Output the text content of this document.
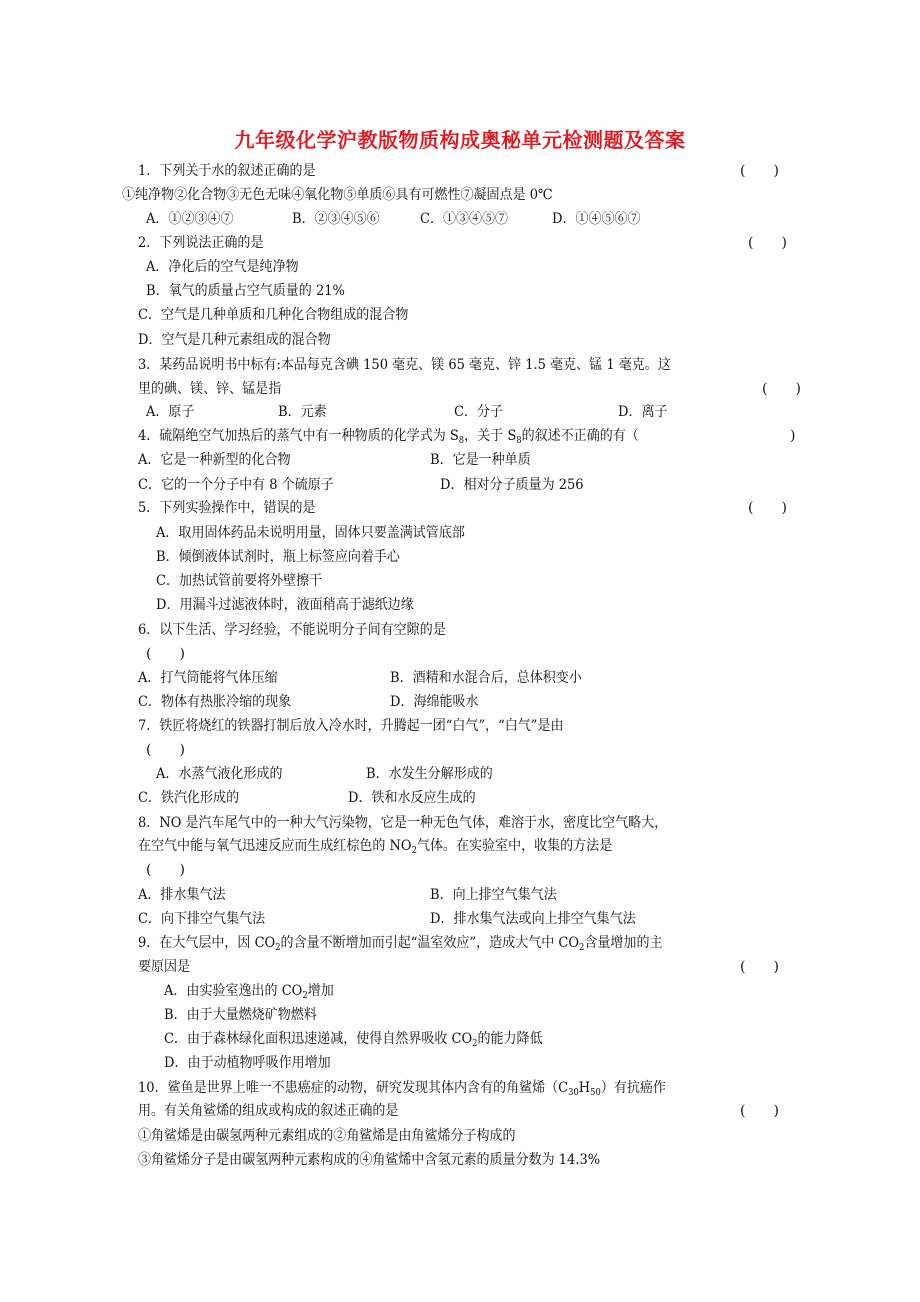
九年级化学沪教版物质构成奥秘单元检测题及答案
1．下列关于水的叙述正确的是	(　　)
①纯净物②化合物③无色无味④氧化物⑤单质⑥具有可燃性⑦凝固点是 0℃
A．①②③④⑦	B．②③④⑤⑥	C．①③④⑤⑦	D．①④⑤⑥⑦
2．下列说法正确的是	(　　)
A．净化后的空气是纯净物
B．氧气的质量占空气质量的 21%
C．空气是几种单质和几种化合物组成的混合物
D．空气是几种元素组成的混合物
3．某药品说明书中标有:本品每克含碘 150 毫克、镁 65 毫克、锌 1.5 毫克、锰 1 毫克。这
里的碘、镁、锌、锰是指	(　　)
A．原子	B．元素	C．分子	D．离子
4．硫隔绝空气加热后的蒸气中有一种物质的化学式为 $S_8$，关于 $S_8$的叙述不正确的有（	)
A．它是一种新型的化合物	B．它是一种单质
C．它的一个分子中有 8 个硫原子	D．相对分子质量为 256
5．下列实验操作中，错误的是	(　　)
A．取用固体药品未说明用量，固体只要盖满试管底部
B．倾倒液体试剂时，瓶上标签应向着手心
C．加热试管前要将外壁擦干
D．用漏斗过滤液体时，液面稍高于滤纸边缘
6．以下生活、学习经验，不能说明分子间有空隙的是
(　　)
A．打气筒能将气体压缩	B．酒精和水混合后，总体积变小
C．物体有热胀冷缩的现象	D．海绵能吸水
7．铁匠将烧红的铁器打制后放入冷水时，升腾起一团“白气”，“白气”是由
(　　)
A．水蒸气液化形成的	B．水发生分解形成的
C．铁汽化形成的	D．铁和水反应生成的
8．NO 是汽车尾气中的一种大气污染物，它是一种无色气体，难溶于水，密度比空气略大，
在空气中能与氧气迅速反应而生成红棕色的 $NO_2$气体。在实验室中，收集的方法是
(　　)
A．排水集气法	B．向上排空气集气法
C．向下排空气集气法	D．排水集气法或向上排空气集气法
9．在大气层中，因 $CO_2$的含量不断增加而引起“温室效应”，造成大气中 $CO_2$含量增加的主
要原因是	(　　)
A．由实验室逸出的 $CO_2$增加
B．由于大量燃烧矿物燃料
C．由于森林绿化面积迅速递减，使得自然界吸收 $CO_2$的能力降低
D．由于动植物呼吸作用增加
10．鲨鱼是世界上唯一不患癌症的动物，研究发现其体内含有的角鲨烯$(C_{30}H_{50})$有抗癌作
用。有关角鲨烯的组成或构成的叙述正确的是	(　　)
①角鲨烯是由碳氢两种元素组成的②角鲨烯是由角鲨烯分子构成的
③角鲨烯分子是由碳氢两种元素构成的④角鲨烯中含氢元素的质量分数为 14.3%
